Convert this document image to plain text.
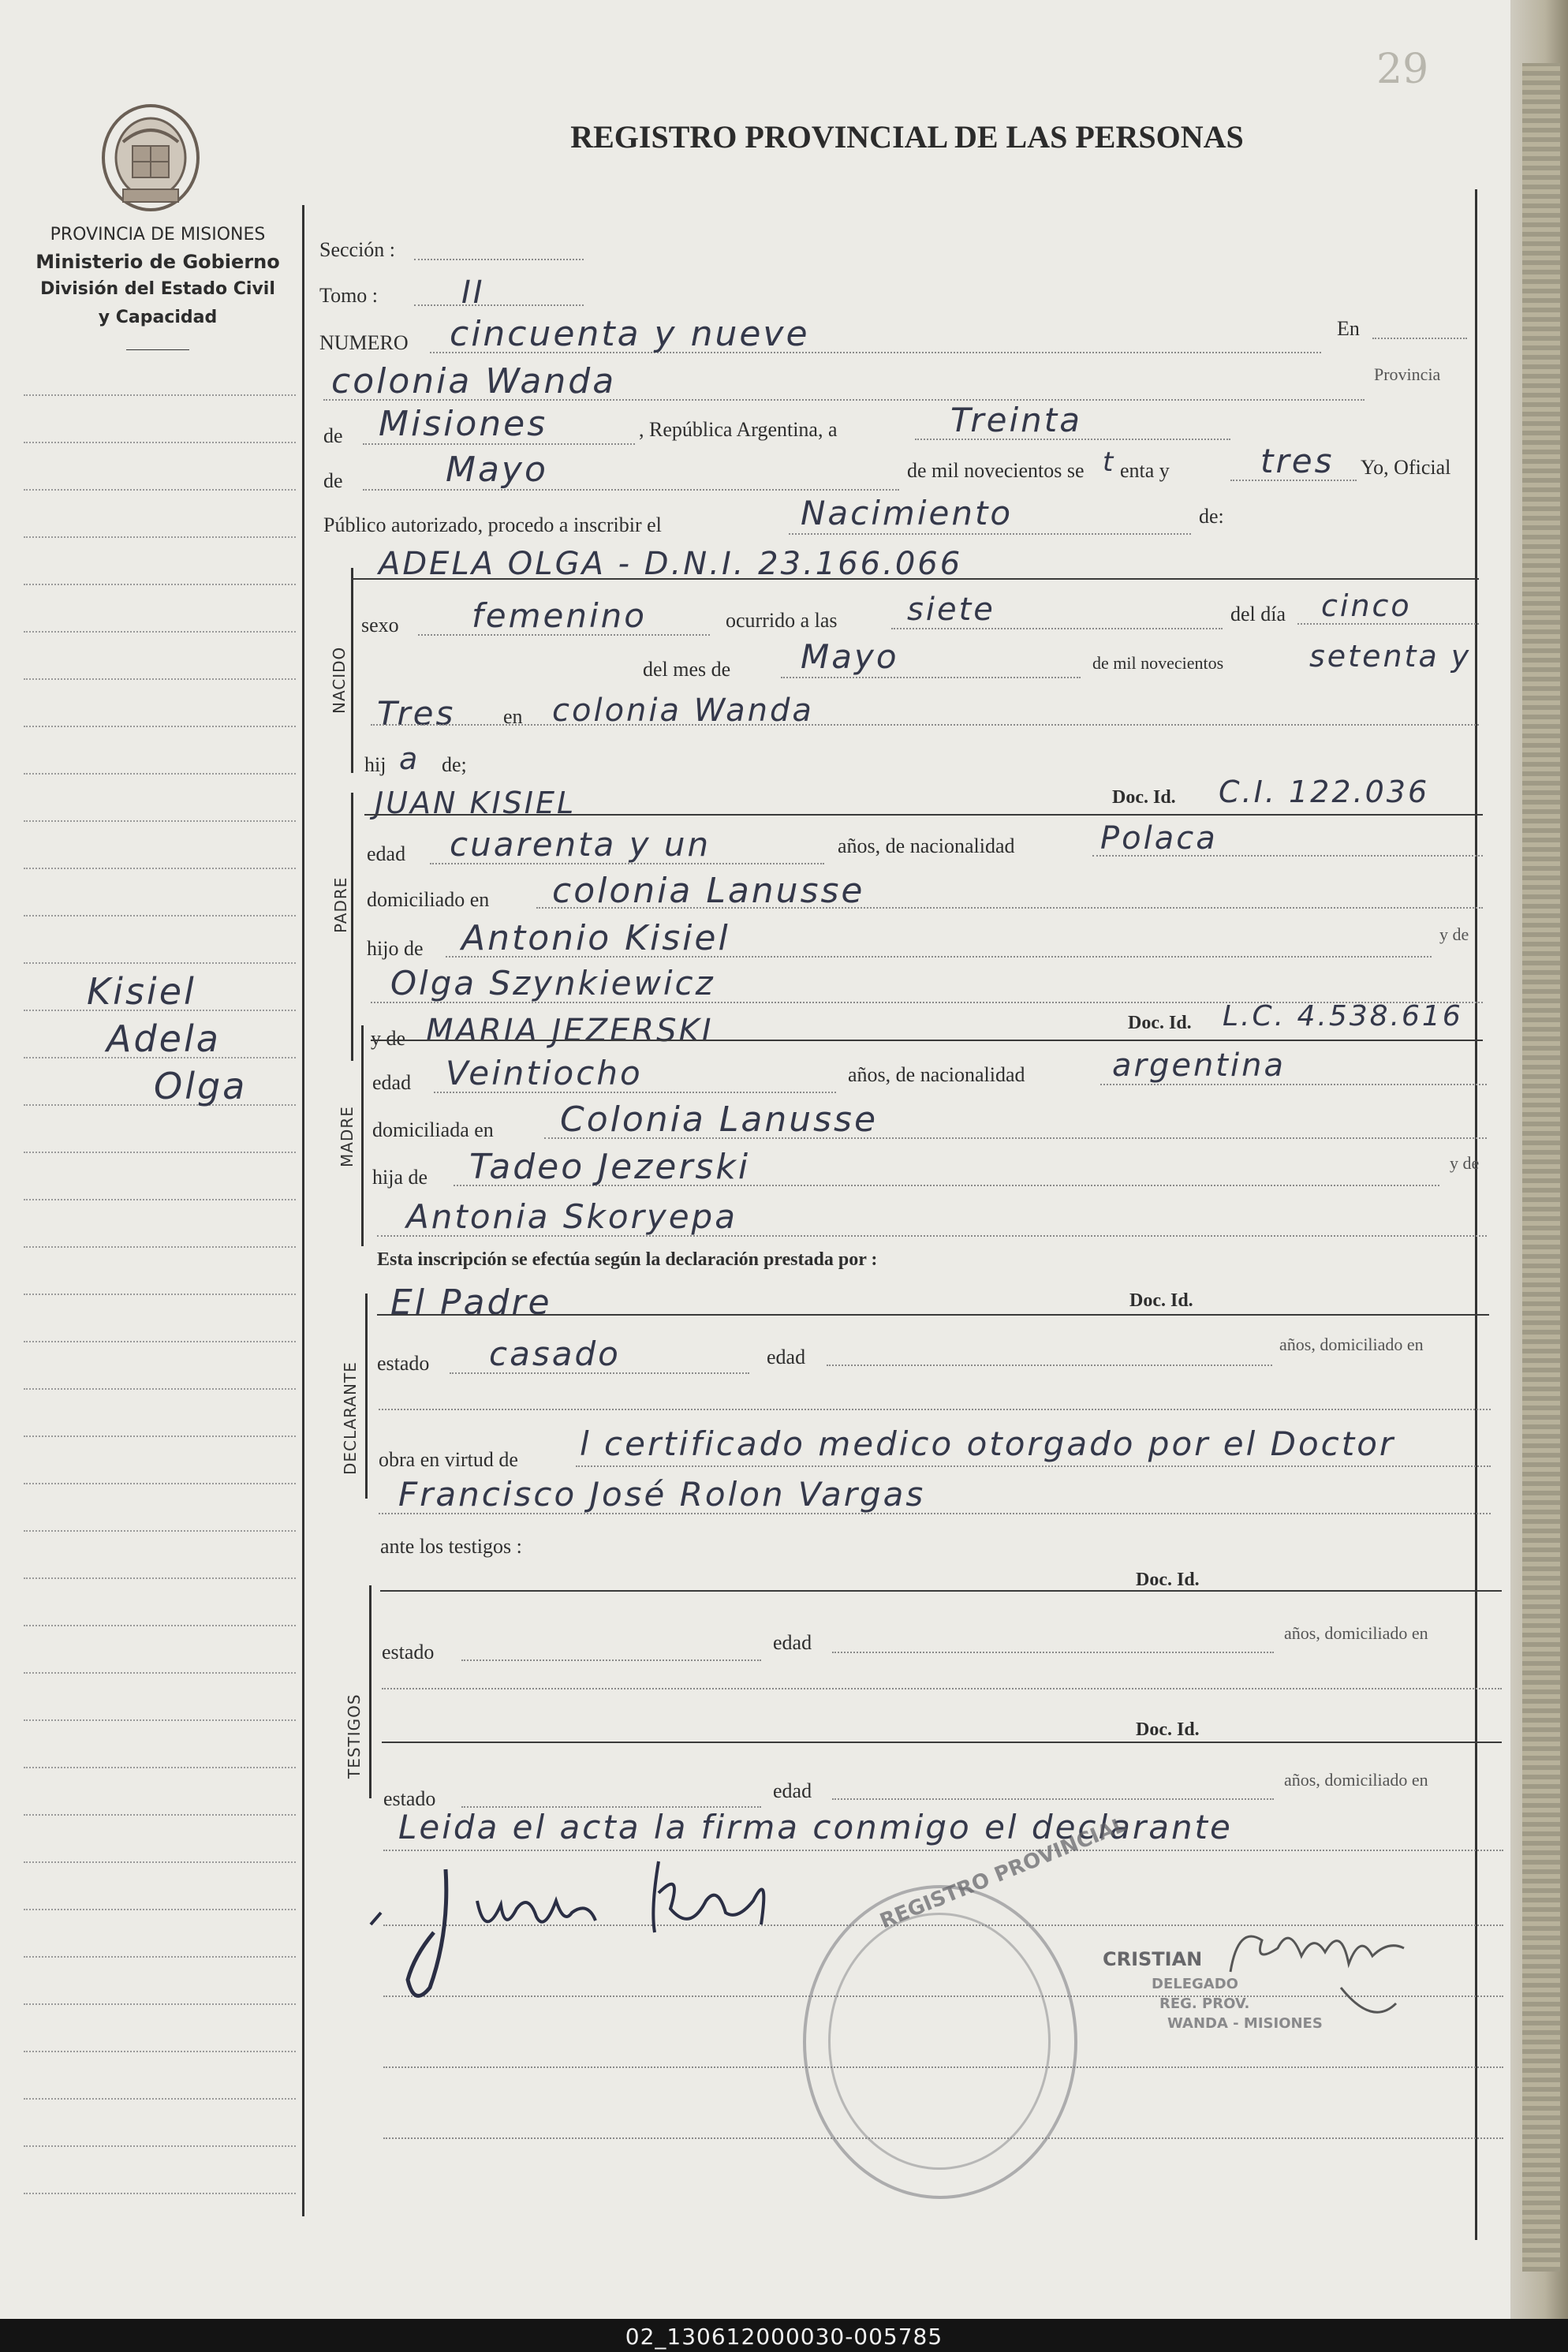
29
REGISTRO PROVINCIAL DE LAS PERSONAS
PROVINCIA DE MISIONES
Ministerio de Gobierno
División del Estado Civil
y Capacidad
Kisiel
Adela
Olga
NACIDO
PADRE
MADRE
DECLARANTE
TESTIGOS
Sección :
Tomo :	II
NUMERO cincuenta y nueve	En
colonia Wanda	Provincia
de Misiones	, República Argentina, a	Treinta
de	Mayo	de mil novecientos se t enta y	tres Yo, Oficial
Público autorizado, procedo a inscribir el	Nacimiento	de:
ADELA OLGA - D.N.I. 23.166.066
sexo femenino	ocurrido a las siete	del día cinco
del mes de Mayo	de mil novecientos	setenta y
Tres en colonia Wanda
hij a de;
JUAN KISIEL	Doc. Id. C.I. 122.036
edad cuarenta y un	años, de nacionalidad	Polaca
domiciliado en colonia Lanusse
hijo de Antonio Kisiel	y de
Olga Szynkiewicz
y de MARIA JEZERSKI	Doc. Id. L.C. 4.538.616
edad Veintiocho	años, de nacionalidad	argentina
domiciliada en Colonia Lanusse
hija de Tadeo Jezerski	y de
Antonia Skoryepa
Esta inscripción se efectúa según la declaración prestada por :
El Padre	Doc. Id.
estado casado	edad
años, domiciliado en
obra en virtud de l certificado medico otorgado por el Doctor
Francisco José Rolon Vargas
ante los testigos :
Doc. Id.
estado	edad	años, domiciliado en
Doc. Id.
estado	edad	años, domiciliado en
Leida el acta la firma conmigo el declarante
REGISTRO PROVINCIAL
CRISTIAN
DELEGADO
REG. PROV.
WANDA - MISIONES
02_130612000030-005785
